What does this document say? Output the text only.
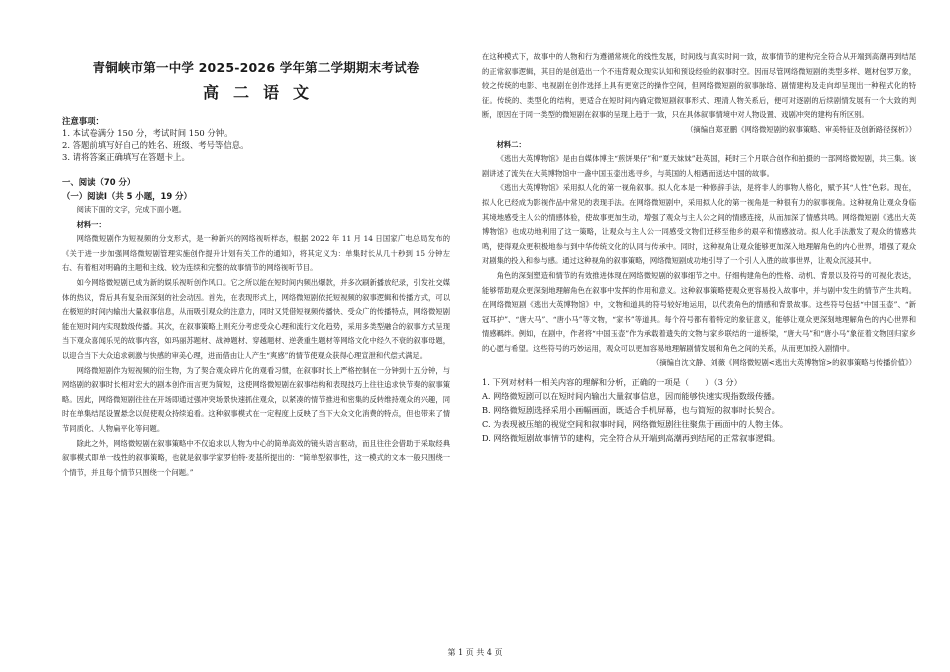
青铜峡市第一中学 2025-2026 学年第二学期期末考试卷
高二语文
注意事项：
1. 本试卷满分 150 分，考试时间 150 分钟。
2. 答题前填写好自己的姓名、班级、考号等信息。
3. 请将答案正确填写在答题卡上。
一、阅读（70 分）
（一）阅读Ⅰ（共 5 小题，19 分）
阅读下面的文字，完成下面小题。
材料一：
网络微短剧作为短视频的分支形式，是一种新兴的网络视听样态，根据 2022 年 11 月 14 日国家广电总局发布的《关于进一步加强网络微短剧管理实施创作提升计划有关工作的通知》，将其定义为：单集时长从几十秒到 15 分钟左右、有着相对明确的主题和主线、较为连续和完整的故事情节的网络视听节目。
如今网络微短剧已成为新的娱乐视听创作风口。它之所以能在短时间内频出爆款，并多次刷新播放纪录，引发社交媒体的热议，背后具有复杂而深刻的社会动因。首先，在表现形式上，网络微短剧依托短视频的叙事逻辑和传播方式，可以在极短的时间内输出大量叙事信息，从而吸引观众的注意力，同时又凭借短视频传播快、受众广的传播特点，网络微短剧能在短时间内实现数级传播。其次，在叙事策略上则充分考虑受众心理和流行文化趋势，采用多类型融合的叙事方式呈现当下观众喜闻乐见的故事内容，如玛丽苏题材、战神题材、穿越题材、逆袭重生题材等网络文化中经久不衰的叙事母题，以迎合当下大众追求刺激与快感的审美心理，进而借由让人产生“爽感”的情节使观众获得心理宣泄和代偿式满足。
网络微短剧作为短视频的衍生物，为了契合观众碎片化的观看习惯，在叙事时长上严格控制在一分钟到十五分钟，与网络剧的叙事时长相对宏大的剧本创作而言更为简短，这使网络微短剧在叙事结构和表现技巧上往往追求快节奏的叙事策略。因此，网络微短剧往往在开场即通过强冲突场景快速抓住观众，以紧凑的情节推进和密集的反转维持观众的兴趣，同时在单集结尾设置悬念以促使观众持续追看。这种叙事模式在一定程度上反映了当下大众文化消费的特点，但也带来了情节同质化、人物扁平化等问题。
除此之外，网络微短剧在叙事策略中不仅追求以人物为中心的简单高效的镜头语言驱动，而且往往会借助于采取经典叙事模式即单一线性的叙事策略，也就是叙事学家罗伯特·麦基所提出的：“简单型叙事性，这一模式的文本一般只围绕一个情节，并且每个情节只围绕一个问题。”
在这种模式下，故事中的人物和行为遵循常规化的线性发展，时间线与真实时间一致，故事情节的建构完全符合从开端到高潮再到结尾的正常叙事逻辑，其目的是创造出一个不违背观众现实认知和预设经验的叙事时空。因而尽管网络微短剧的类型多样、题材包罗万象，较之传统的电影、电视剧在创作选择上具有更宽泛的操作空间，但网络微短剧的叙事脉络、剧情建构及走向却呈现出一种程式化的特征。传统的、类型化的结构，更适合在短时间内确定微短剧叙事形式、理清人物关系后，便可对逐剧的后续剧情发展有一个大致的判断，原因在于同一类型的微短剧在叙事的呈现上趋于一致，只在具体叙事情境中对人物设置、戏剧冲突的建构有所区别。
（摘编自郑亚鹏《网络微短剧的叙事策略、审美特征及创新路径探析》）
材料二：
《逃出大英博物馆》是由自媒体博主“煎饼果仔”和“夏天妹妹”赴英国，耗时三个月联合创作和拍摄的一部网络微短剧，共三集。该剧讲述了流失在大英博物馆中一盏中国玉壶出逃寻乡，与英国的人相遇而送达中国的故事。
《逃出大英博物馆》采用拟人化的第一视角叙事。拟人化本是一种修辞手法，是将非人的事物人格化，赋予其“人性”色彩。现在，拟人化已经成为影视作品中常见的表现手法。在网络微短剧中，采用拟人化的第一视角是一种很有力的叙事视角。这种视角让观众身临其境地感受主人公的情感体验，使故事更加生动，增强了观众与主人公之间的情感连接，从而加深了情感共鸣。网络微短剧《逃出大英博物馆》也成功地利用了这一策略，让观众与主人公一同感受文物们迁移至他乡的艰辛和情感波动。拟人化手法激发了观众的情感共鸣，使得观众更积极地参与到中华传统文化的认同与传承中。同时，这种视角让观众能够更加深入地理解角色的内心世界，增强了观众对剧集的投入和参与感。通过这种视角的叙事策略，网络微短剧成功地引导了一个引人入胜的故事世界，让观众沉浸其中。
角色的深刻塑造和情节的有效推进体现在网络微短剧的叙事细节之中。仔细构建角色的性格、动机、背景以及符号的可视化表达，能够帮助观众更深刻地理解角色在叙事中发挥的作用和意义。这种叙事策略使观众更容易投入故事中，并与剧中发生的情节产生共鸣。在网络微短剧《逃出大英博物馆》中，文物和道具的符号较好地运用，以代表角色的情感和背景故事。这些符号包括“中国玉壶”、“新冠耳护”、“唐大马”、“唐小马”等文物，“家书”等道具。每个符号都有着特定的象征意义，能够让观众更深刻地理解角色的内心世界和情感羁绊。例如，在剧中，作者将“中国玉壶”作为承载着遗失的文物与家乡联结的一道桥梁，“唐大马”和“唐小马”象征着文物回归家乡的心愿与希望。这些符号的巧妙运用，观众可以更加容易地理解剧情发展和角色之间的关系，从而更加投入剧情中。
（摘编自沈文静、刘薇《网络微短剧<逃出大英博物馆>的叙事策略与传播价值》）
1. 下列对材料一相关内容的理解和分析，正确的一项是（　　）（3 分）
A. 网络微短剧可以在短时间内输出大量叙事信息，因而能够快速实现指数级传播。
B. 网络微短剧选择采用小画幅画面，既适合手机屏幕，也与简短的叙事时长契合。
C. 为表现被压缩的视觉空间和叙事时间，网络微短剧往往聚焦于画面中的人物主体。
D. 网络微短剧故事情节的建构，完全符合从开端到高潮再到结尾的正常叙事逻辑。
第 1 页 共 4 页
